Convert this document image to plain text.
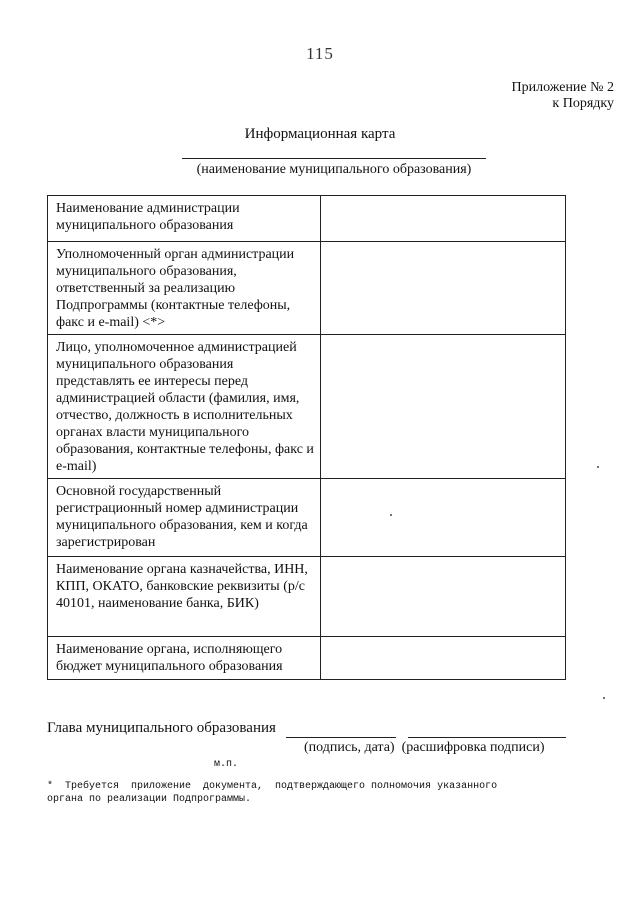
115
Приложение № 2
к Порядку
Информационная карта
(наименование муниципального образования)
Наименование администрации муниципального образования	
Уполномоченный орган администрации муниципального образования, ответственный за реализацию Подпрограммы (контактные телефоны, факс и e-mail) <*>	
Лицо, уполномоченное администрацией муниципального образования представлять ее интересы перед администрацией области (фамилия, имя, отчество, должность в исполнительных органах власти муниципального образования, контактные телефоны, факс и e-mail)	
Основной государственный регистрационный номер администрации муниципального образования, кем и когда зарегистрирован	
Наименование органа казначейства, ИНН, КПП, ОКАТО, банковские реквизиты (р/с 40101, наименование банка, БИК)	
Наименование органа, исполняющего бюджет муниципального образования	
Глава муниципального образования
(подпись, дата)  (расшифровка подписи)
м.п.
*  Требуется  приложение  документа,  подтверждающего полномочия указанного
органа по реализации Подпрограммы.
